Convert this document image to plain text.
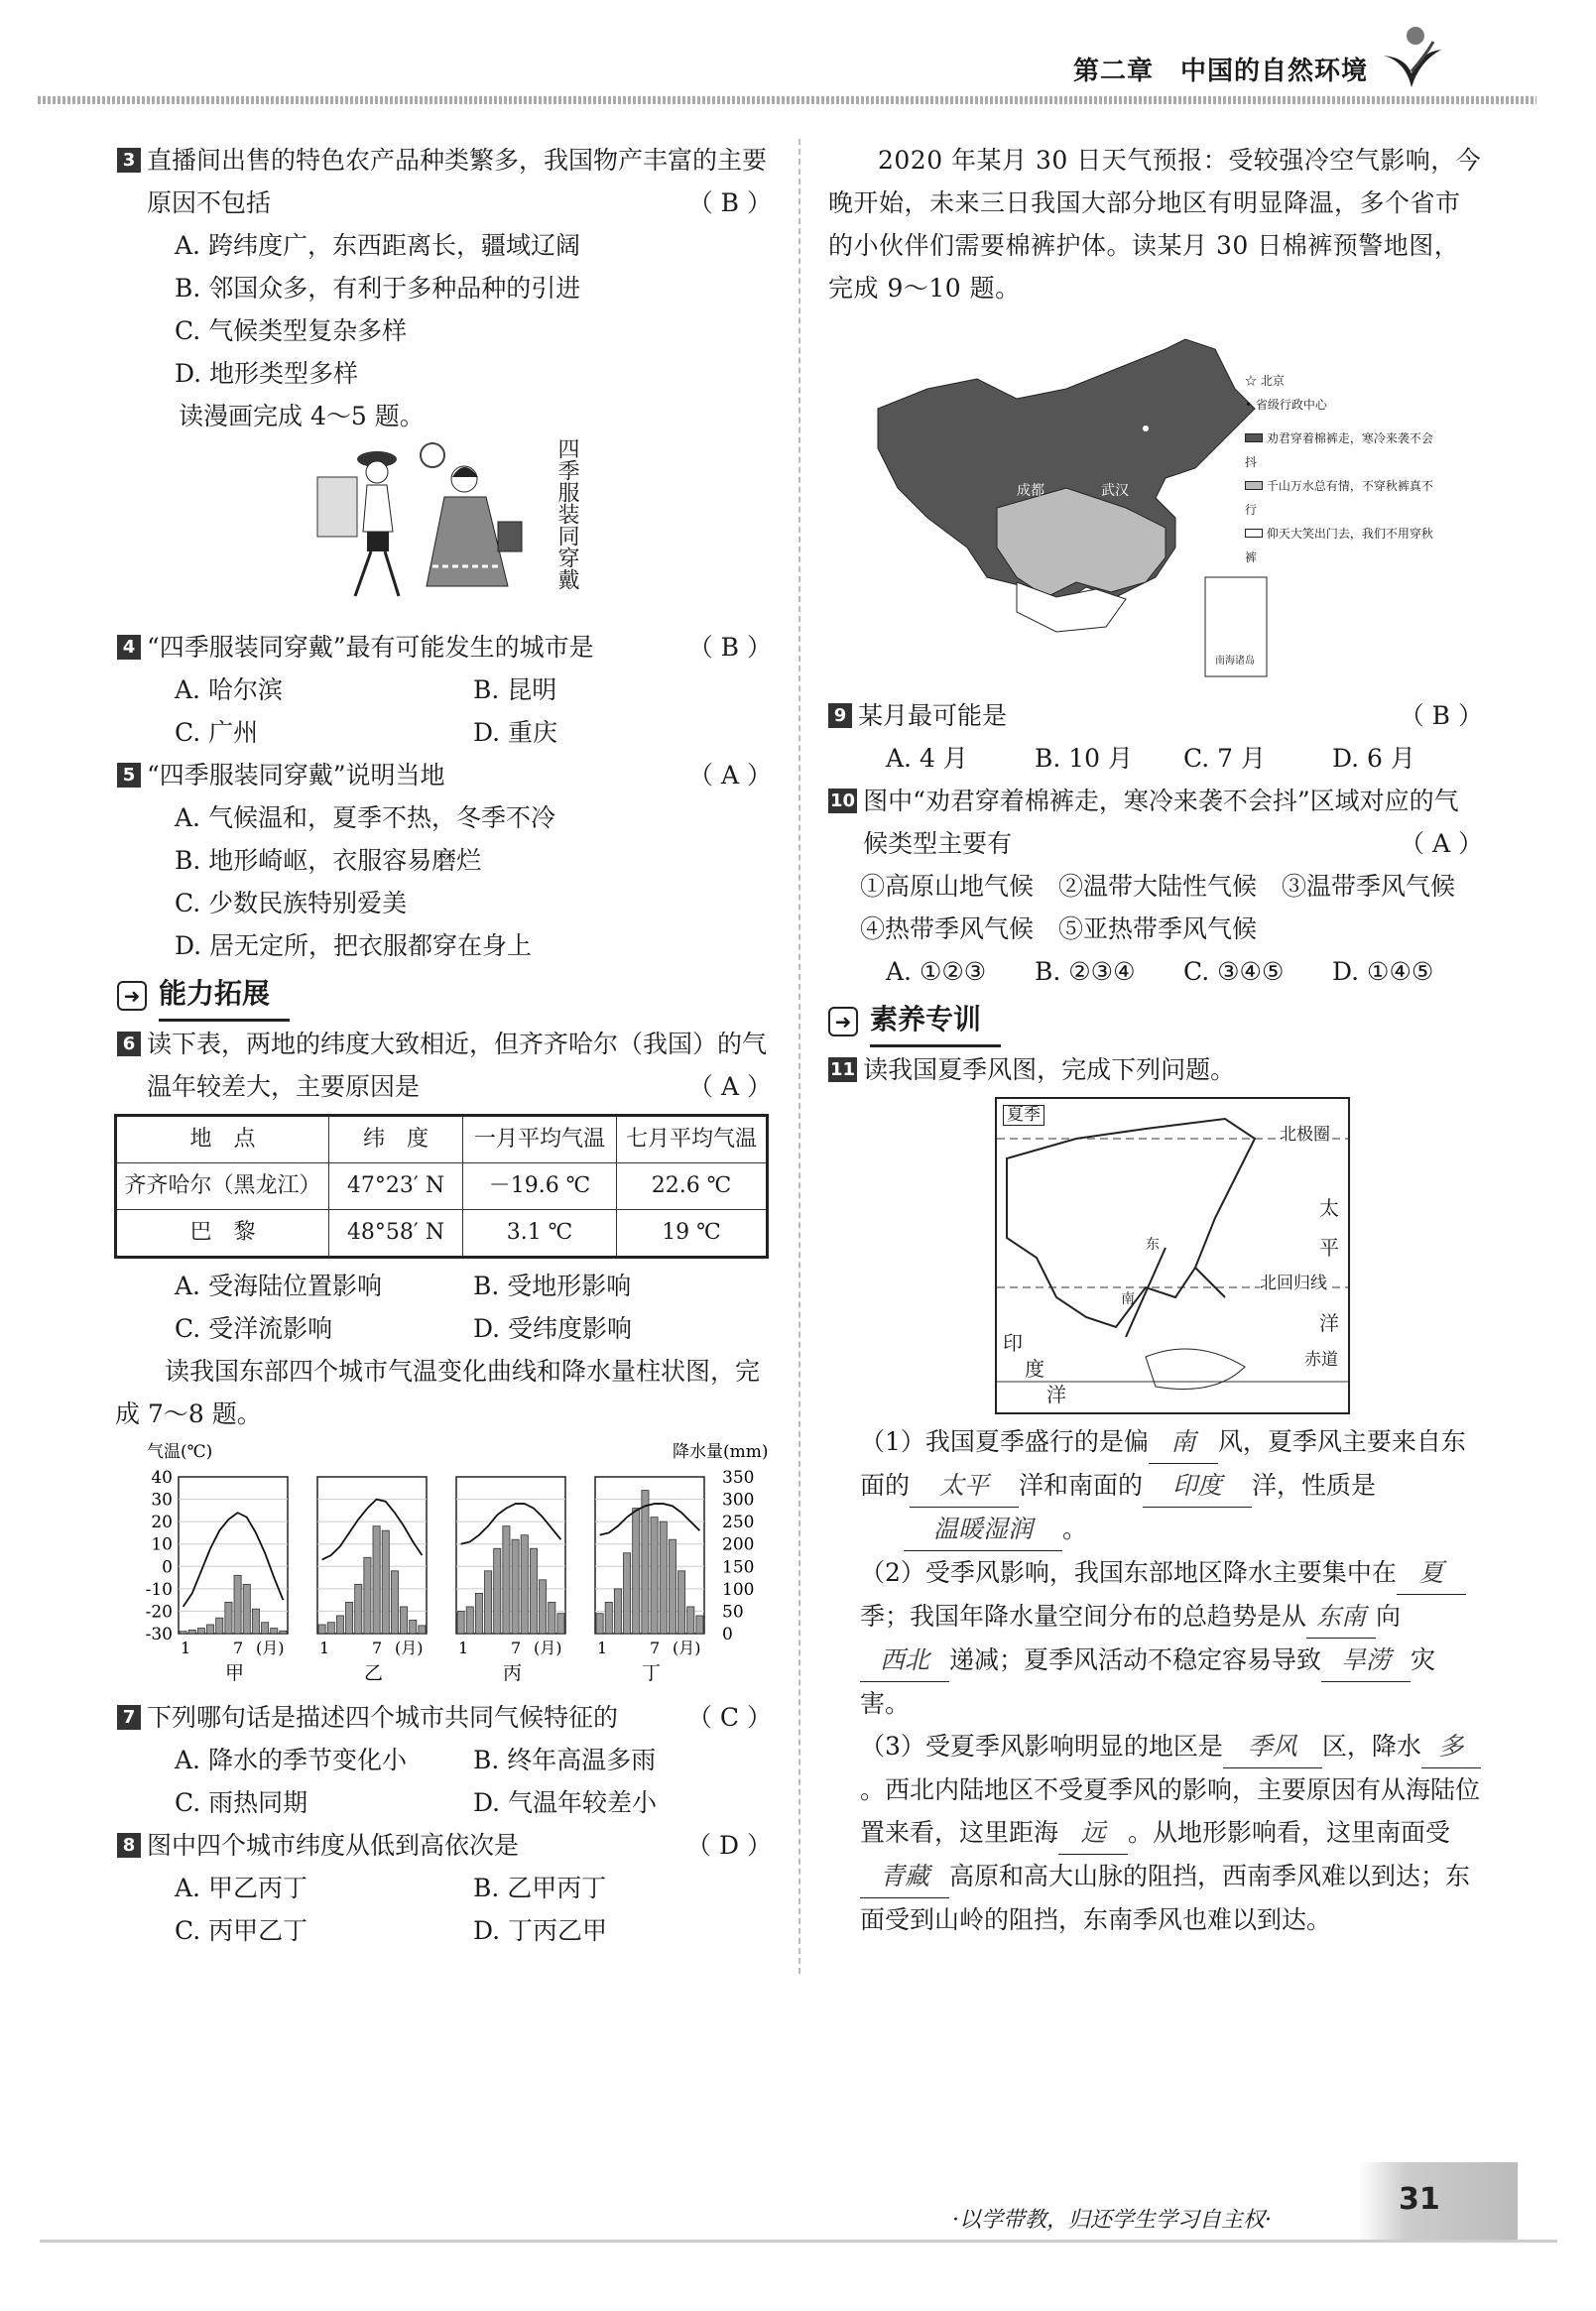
第二章　中国的自然环境
3 直播间出售的特色农产品种类繁多，我国物产丰富的主要原因不包括	（ B ）
A. 跨纬度广，东西距离长，疆域辽阔
B. 邻国众多，有利于多种品种的引进
C. 气候类型复杂多样
D. 地形类型多样
读漫画完成 4～5 题。
四季服装同穿戴
4 “四季服装同穿戴”最有可能发生的城市是	（ B ）
A. 哈尔滨	B. 昆明
C. 广州	D. 重庆
5 “四季服装同穿戴”说明当地	（ A ）
A. 气候温和，夏季不热，冬季不冷
B. 地形崎岖，衣服容易磨烂
C. 少数民族特别爱美
D. 居无定所，把衣服都穿在身上
➜ 能力拓展
6 读下表，两地的纬度大致相近，但齐齐哈尔（我国）的气温年较差大，主要原因是	（ A ）
地　点	纬　度	一月平均气温	七月平均气温
齐齐哈尔（黑龙江）	47°23′ N	－19.6 ℃	22.6 ℃
巴　黎	48°58′ N	3.1 ℃	19 ℃
A. 受海陆位置影响	B. 受地形影响
C. 受洋流影响	D. 受纬度影响
读我国东部四个城市气温变化曲线和降水量柱状图，完成 7～8 题。
气温(℃)	降水量(mm)
40
30
20
10
0
-10
-20
-30
350
300
250
200
150
100
50
0
1	7 (月)
甲
1	7 (月)
乙
1	7 (月)
丙
1	7 (月)
丁
7 下列哪句话是描述四个城市共同气候特征的	（ C ）
A. 降水的季节变化小	B. 终年高温多雨
C. 雨热同期	D. 气温年较差小
8 图中四个城市纬度从低到高依次是	（ D ）
A. 甲乙丙丁	B. 乙甲丙丁
C. 丙甲乙丁	D. 丁丙乙甲
2020 年某月 30 日天气预报：受较强冷空气影响，今晚开始，未来三日我国大部分地区有明显降温，多个省市的小伙伴们需要棉裤护体。读某月 30 日棉裤预警地图，完成 9～10 题。
成都	武汉
南海诸岛
☆ 北京
• 省级行政中心
劝君穿着棉裤走，寒冷来袭不会抖
千山万水总有情，不穿秋裤真不行
仰天大笑出门去，我们不用穿秋裤
9 某月最可能是	（ B ）
A. 4 月	B. 10 月	C. 7 月	D. 6 月
10 图中“劝君穿着棉裤走，寒冷来袭不会抖”区域对应的气候类型主要有	（ A ）
①高原山地气候　②温带大陆性气候　③温带季风气候　④热带季风气候　⑤亚热带季风气候
A. ①②③	B. ②③④	C. ③④⑤	D. ①④⑤
➜ 素养专训
11 读我国夏季风图，完成下列问题。
夏季
北极圈
太
平
北回归线
洋
赤道
印
度
洋
东
南
（1）我国夏季盛行的是偏 南 风，夏季风主要来自东面的 太平 洋和南面的 印度 洋，性质是
温暖湿润 。
（2）受季风影响，我国东部地区降水主要集中在 夏季；我国年降水量空间分布的总趋势是从 东南 向西北 递减；夏季风活动不稳定容易导致 旱涝 灾害。
（3）受夏季风影响明显的地区是 季风 区，降水 多。西北内陆地区不受夏季风的影响，主要原因有从海陆位置来看，这里距海 远 。从地形影响看，这里南面受青藏 高原和高大山脉的阻挡，西南季风难以到达；东面受到山岭的阻挡，东南季风也难以到达。
·以学带教，归还学生学习自主权·
31
